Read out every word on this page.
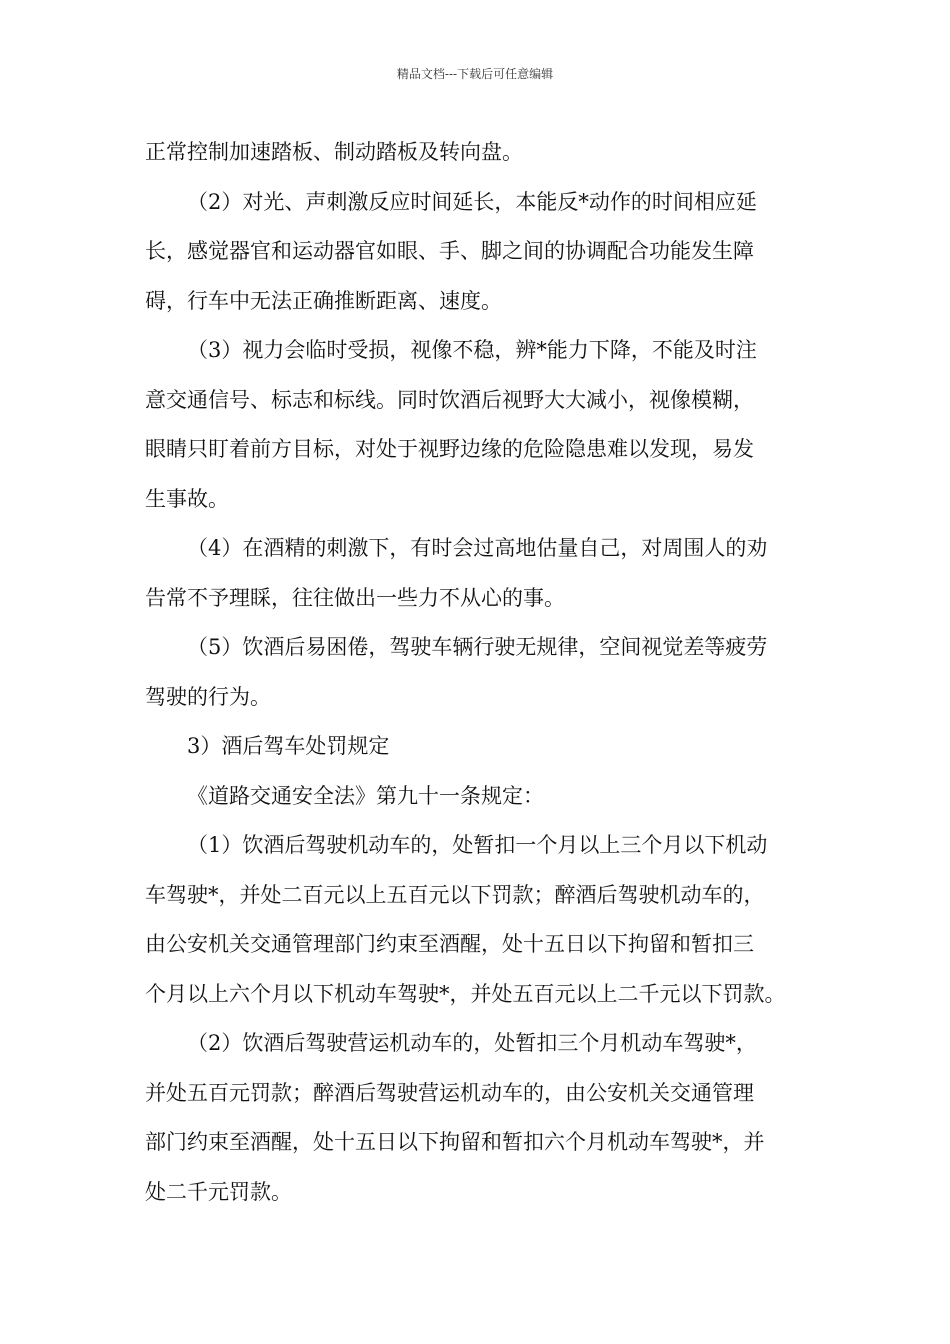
精品文档---下载后可任意编辑
正常控制加速踏板、制动踏板及转向盘。
（2）对光、声刺激反应时间延长，本能反*动作的时间相应延
长，感觉器官和运动器官如眼、手、脚之间的协调配合功能发生障
碍，行车中无法正确推断距离、速度。
（3）视力会临时受损，视像不稳，辨*能力下降，不能及时注
意交通信号、标志和标线。同时饮酒后视野大大减小，视像模糊，
眼睛只盯着前方目标，对处于视野边缘的危险隐患难以发现，易发
生事故。
（4）在酒精的刺激下，有时会过高地估量自己，对周围人的劝
告常不予理睬，往往做出一些力不从心的事。
（5）饮酒后易困倦，驾驶车辆行驶无规律，空间视觉差等疲劳
驾驶的行为。
3）酒后驾车处罚规定
《道路交通安全法》第九十一条规定：
（1）饮酒后驾驶机动车的，处暂扣一个月以上三个月以下机动
车驾驶*，并处二百元以上五百元以下罚款；醉酒后驾驶机动车的，
由公安机关交通管理部门约束至酒醒，处十五日以下拘留和暂扣三
个月以上六个月以下机动车驾驶*，并处五百元以上二千元以下罚款。
（2）饮酒后驾驶营运机动车的，处暂扣三个月机动车驾驶*，
并处五百元罚款；醉酒后驾驶营运机动车的，由公安机关交通管理
部门约束至酒醒，处十五日以下拘留和暂扣六个月机动车驾驶*，并
处二千元罚款。
